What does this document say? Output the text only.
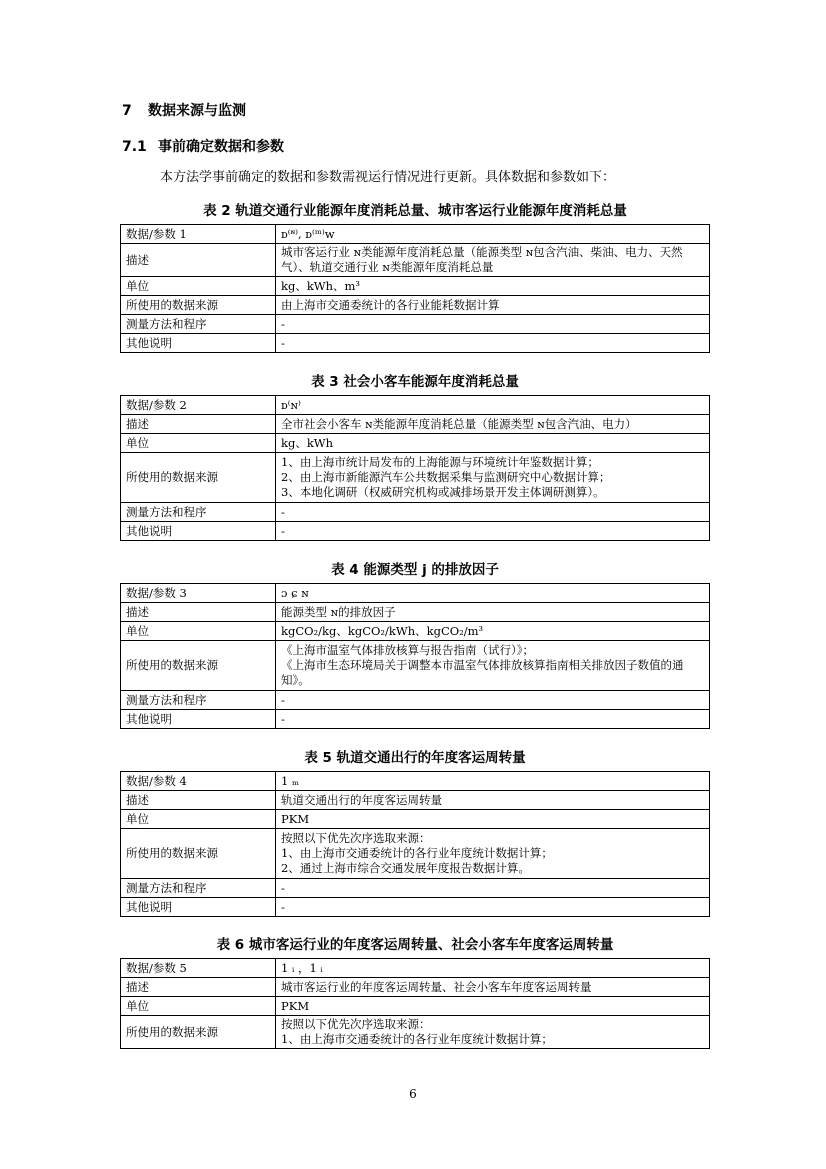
7 数据来源与监测
7.1 事前确定数据和参数
本方法学事前确定的数据和参数需视运行情况进行更新。具体数据和参数如下：
表 2 轨道交通行业能源年度消耗总量、城市客运行业能源年度消耗总量
数据/参数 1	ᴅ⁽ᶰ⁾, ᴅ⁽ᵐ⁾ᴡ
描述	城市客运行业 ɴ类能源年度消耗总量（能源类型 ɴ包含汽油、柴油、电力、天然气）、轨道交通行业 ɴ类能源年度消耗总量
单位	kg、kWh、m³
所使用的数据来源	由上海市交通委统计的各行业能耗数据计算
测量方法和程序	-
其他说明	-
表 3 社会小客车能源年度消耗总量
数据/参数 2	ᴅ⁽ɴ⁾
描述	全市社会小客车 ɴ类能源年度消耗总量（能源类型 ɴ包含汽油、电力）
单位	kg、kWh
所使用的数据来源	1、由上海市统计局发布的上海能源与环境统计年鉴数据计算；
2、由上海市新能源汽车公共数据采集与监测研究中心数据计算；
3、本地化调研（权威研究机构或减排场景开发主体调研测算）。
测量方法和程序	-
其他说明	-
表 4 能源类型 j 的排放因子
数据/参数 3	ɔ ɕ ɴ
描述	能源类型 ɴ的排放因子
单位	kgCO₂/kg、kgCO₂/kWh、kgCO₂/m³
所使用的数据来源	《上海市温室气体排放核算与报告指南（试行）》；
《上海市生态环境局关于调整本市温室气体排放核算指南相关排放因子数值的通知》。
测量方法和程序	-
其他说明	-
表 5 轨道交通出行的年度客运周转量
数据/参数 4	1 ₘ
描述	轨道交通出行的年度客运周转量
单位	PKM
所使用的数据来源	按照以下优先次序选取来源：
1、由上海市交通委统计的各行业年度统计数据计算；
2、通过上海市综合交通发展年度报告数据计算。
测量方法和程序	-
其他说明	-
表 6 城市客运行业的年度客运周转量、社会小客车年度客运周转量
数据/参数 5	1 ᵢ ，1 ᵢ
描述	城市客运行业的年度客运周转量、社会小客车年度客运周转量
单位	PKM
所使用的数据来源	按照以下优先次序选取来源：
1、由上海市交通委统计的各行业年度统计数据计算；
6
